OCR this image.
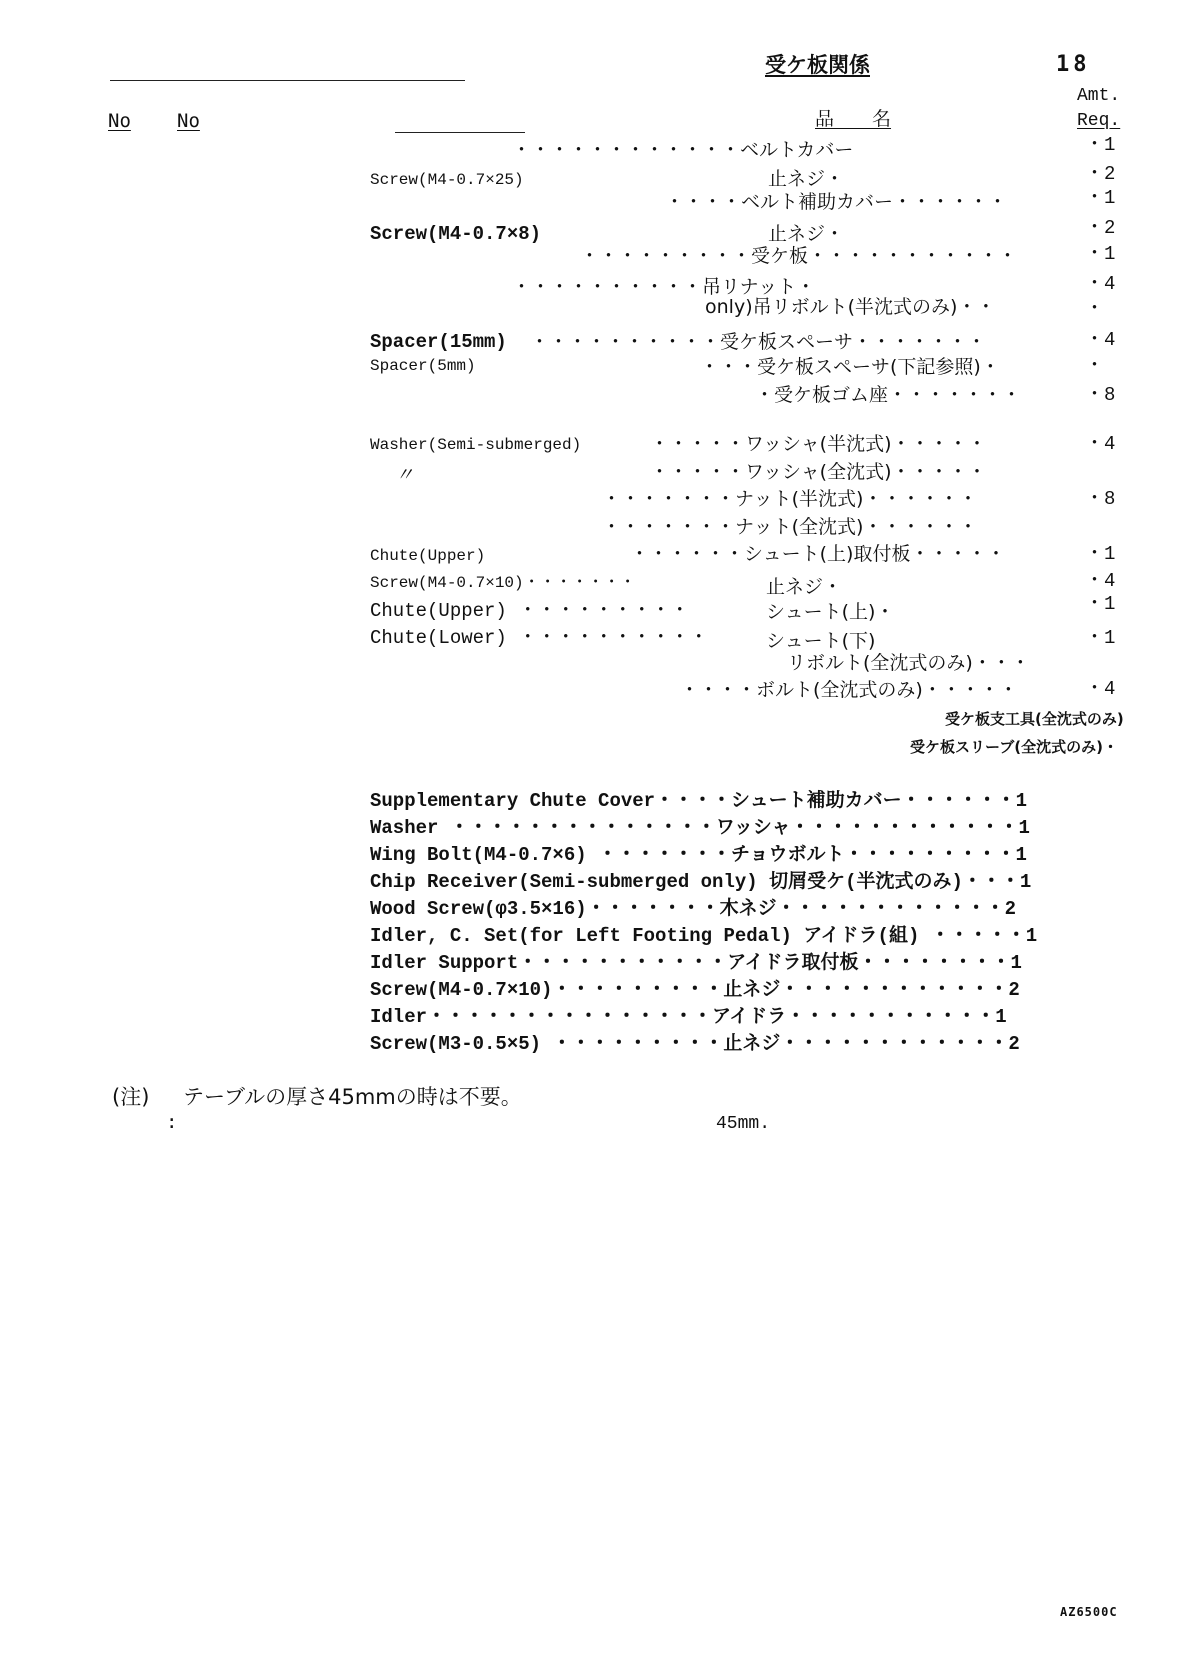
受ケ板関係	18
Amt.
Req.
No	No	品　　名
・・・・・・・・・・・・ベルトカバー	・1
Screw(M4-0.7×25)	止ネジ・	・2
・・・・ベルト補助カバー・・・・・・	・1
Screw(M4-0.7×8)	止ネジ・	・2
・・・・・・・・・受ケ板・・・・・・・・・・・	・1
・・・・・・・・・・吊リナット・	・4
only)吊リボルト(半沈式のみ)・・	・
Spacer(15mm) ・・・・・・・・・・受ケ板スペーサ・・・・・・・	・4
Spacer(5mm)	・・・受ケ板スペーサ(下記参照)・	・
・受ケ板ゴム座・・・・・・・	・8
Washer(Semi-submerged)	・・・・・ワッシャ(半沈式)・・・・・	・4
〃	・・・・・ワッシャ(全沈式)・・・・・
・・・・・・・ナット(半沈式)・・・・・・	・8
・・・・・・・ナット(全沈式)・・・・・・
Chute(Upper)	・・・・・・シュート(上)取付板・・・・・	・1
Screw(M4-0.7×10)・・・・・・・	止ネジ・	・4
Chute(Upper) ・・・・・・・・・	シュート(上)・	・1
Chute(Lower) ・・・・・・・・・・	シュート(下)	・1
リボルト(全沈式のみ)・・・
・・・・ボルト(全沈式のみ)・・・・・	・4
受ケ板支工具(全沈式のみ)
受ケ板スリーブ(全沈式のみ)・
Supplementary Chute Cover・・・・シュート補助カバー・・・・・・1
Washer ・・・・・・・・・・・・・・ワッシャ・・・・・・・・・・・・1
Wing Bolt(M4-0.7×6) ・・・・・・・チョウボルト・・・・・・・・・1
Chip Receiver(Semi-submerged only) 切屑受ケ(半沈式のみ)・・・1
Wood Screw(φ3.5×16)・・・・・・・木ネジ・・・・・・・・・・・・2
Idler, C. Set(for Left Footing Pedal) アイドラ(組) ・・・・・1
Idler Support・・・・・・・・・・・アイドラ取付板・・・・・・・・1
Screw(M4-0.7×10)・・・・・・・・・止ネジ・・・・・・・・・・・・2
Idler・・・・・・・・・・・・・・・アイドラ・・・・・・・・・・・1
Screw(M3-0.5×5) ・・・・・・・・・止ネジ・・・・・・・・・・・・2
(注) テーブルの厚さ45mmの時は不要。
:	45mm.
AZ6500C
